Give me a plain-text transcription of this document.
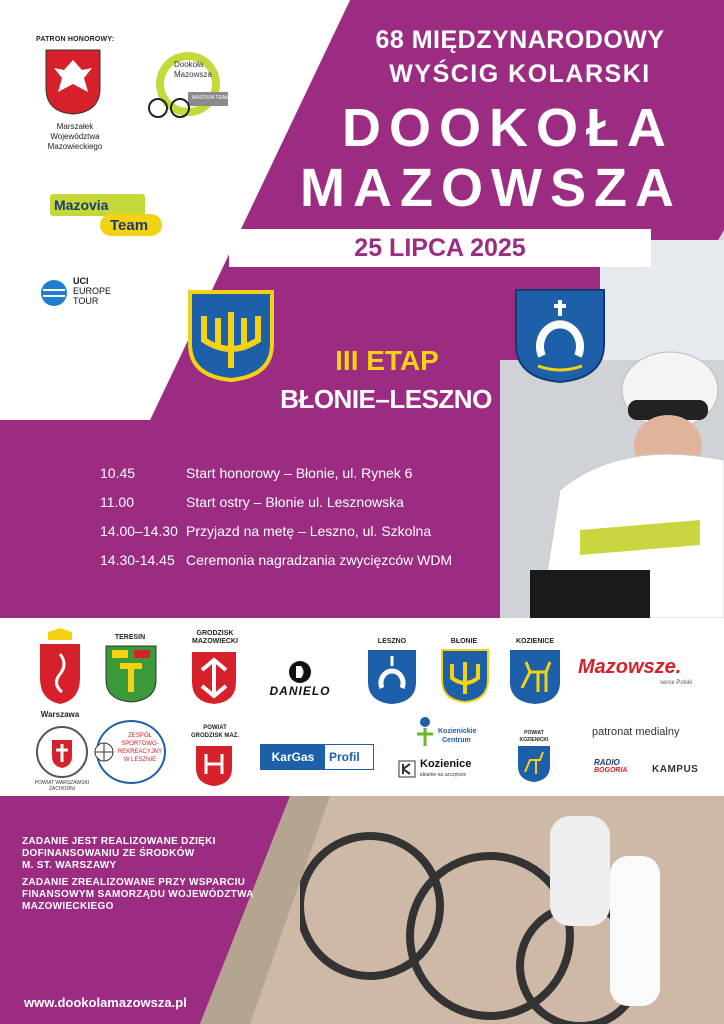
PATRON HONOROWY:
Marszałek
Województwa
Mazowieckiego
Dookoła
Mazowsza
MAZOVIA TEAM
Mazovia
Team
UCI
EUROPE
TOUR
68 MIĘDZYNARODOWY
WYŚCIG KOLARSKI
DOOKOŁA
MAZOWSZA
25 LIPCA 2025
III ETAP
BŁONIE–LESZNO
10.45	Start honorowy – Błonie, ul. Rynek 6
11.00	Start ostry – Błonie ul. Lesznowska
14.00–14.30 Przyjazd na metę – Leszno, ul. Szkolna
14.30-14.45 Ceremonia nagradzania zwycięzców WDM
Warszawa
TERESIN
GRODZISK MAZOWIECKI
DANIELO
LESZNO	BŁONIE	KOZIENICE
Mazowsze.
serce Polski
POWIAT WARSZAWSKI ZACHODNI
ZESPÓŁ
SPORTOWO-
REKREACYJNY
W LESZNIE
POWIAT
GRODZISK MAZ.
KarGas	Profil
Kozienickie
Centrum
Kozienice
idealne na szczęście
POWIAT
KOZIENICKI
patronat medialny
RADIO
BOGORIA	KAMPUS
ZADANIE JEST REALIZOWANE DZIĘKI
DOFINANSOWANIU ZE ŚRODKÓW
M. ST. WARSZAWY
ZADANIE ZREALIZOWANE PRZY WSPARCIU
FINANSOWYM SAMORZĄDU WOJEWÓDZTWA
MAZOWIECKIEGO
www.dookolamazowsza.pl
